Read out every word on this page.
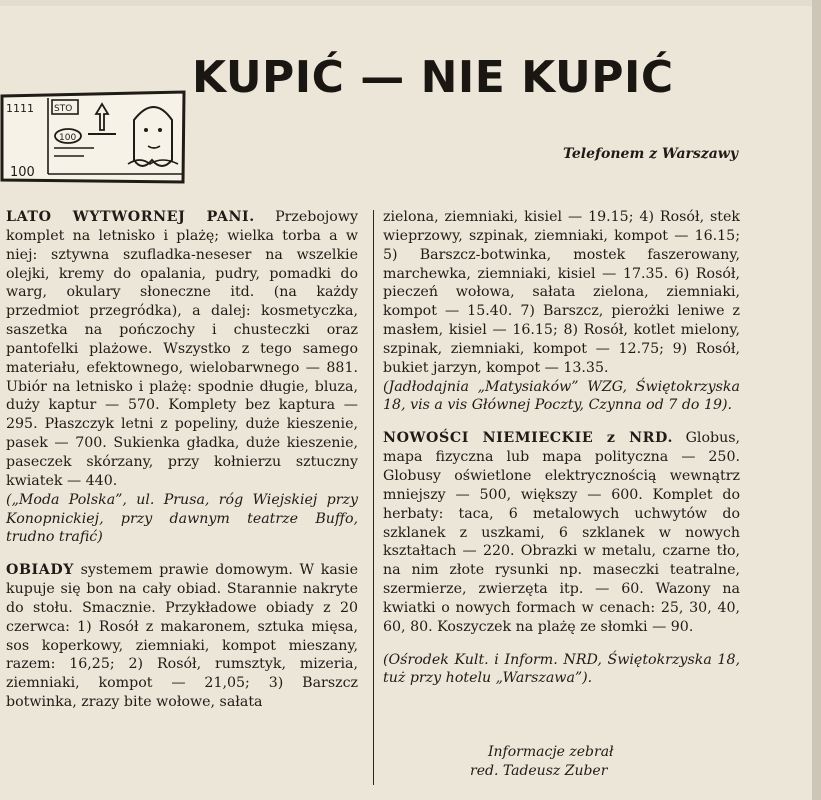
1111 STO
100
100
KUPIĆ — NIE KUPIĆ
Telefonem z Warszawy

LATO WYTWORNEJ PANI. Przebojowy komplet na letnisko i plażę; wielka torba a w niej: sztywna szufladka-neseser na wszelkie olejki, kremy do opalania, pudry, pomadki do warg, okulary słoneczne itd. (na każdy przedmiot przegródka), a dalej: kosmetyczka, saszetka na pończochy i chusteczki oraz pantofelki plażowe. Wszystko z tego samego materiału, efektownego, wielobarwnego — 881. Ubiór na letnisko i plażę: spodnie długie, bluza, duży kaptur — 570. Komplety bez kaptura — 295. Płaszczyk letni z popeliny, duże kieszenie, pasek — 700. Sukienka gładka, duże kieszenie, paseczek skórzany, przy kołnierzu sztuczny kwiatek — 440.

(„Moda Polska”, ul. Prusa, róg Wiejskiej przy Konopnickiej, przy dawnym teatrze Buffo, trudno trafić)

OBIADY systemem prawie domowym. W kasie kupuje się bon na cały obiad. Starannie nakryte do stołu. Smacznie. Przykładowe obiady z 20 czerwca: 1) Rosół z makaronem, sztuka mięsa, sos koperkowy, ziemniaki, kompot mieszany, razem: 16,25; 2) Rosół, rumsztyk, mizeria, ziemniaki, kompot — 21,05; 3) Barszcz botwinka, zrazy bite wołowe, sałata

zielona, ziemniaki, kisiel — 19.15; 4) Rosół, stek wieprzowy, szpinak, ziemniaki, kompot — 16.15; 5) Barszcz-botwinka, mostek faszerowany, marchewka, ziemniaki, kisiel — 17.35. 6) Rosół, pieczeń wołowa, sałata zielona, ziemniaki, kompot — 15.40. 7) Barszcz, pierożki leniwe z masłem, kisiel — 16.15; 8) Rosół, kotlet mielony, szpinak, ziemniaki, kompot — 12.75; 9) Rosół, bukiet jarzyn, kompot — 13.35.

(Jadłodajnia „Matysiaków” WZG, Świętokrzyska 18, vis a vis Głównej Poczty, Czynna od 7 do 19).

NOWOŚCI NIEMIECKIE z NRD. Globus, mapa fizyczna lub mapa polityczna — 250. Globusy oświetlone elektrycznością wewnątrz mniejszy — 500, większy — 600. Komplet do herbaty: taca, 6 metalowych uchwytów do szklanek z uszkami, 6 szklanek w nowych kształtach — 220. Obrazki w metalu, czarne tło, na nim złote rysunki np. maseczki teatralne, szermierze, zwierzęta itp. — 60. Wazony na kwiatki o nowych formach w cenach: 25, 30, 40, 60, 80. Koszyczek na plażę ze słomki — 90.

(Ośrodek Kult. i Inform. NRD, Świętokrzyska 18, tuż przy hotelu „Warszawa”).

Informacje zebrał
red. Tadeusz Zuber
